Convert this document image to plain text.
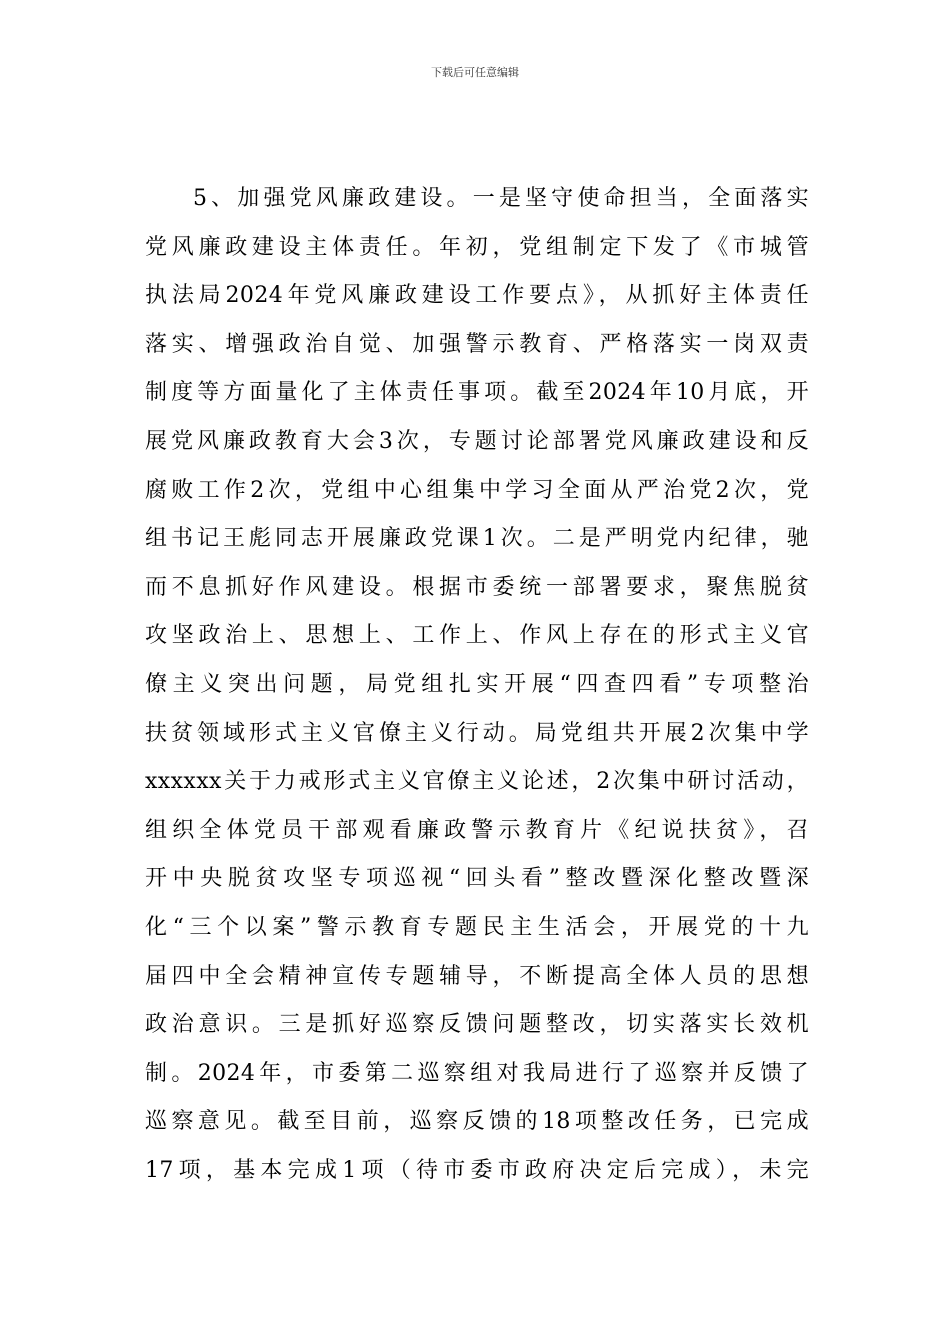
下载后可任意编辑
5、加强党风廉政建设。一是坚守使命担当，全面落实
党风廉政建设主体责任。年初，党组制定下发了《市城管
执法局2024年党风廉政建设工作要点》，从抓好主体责任
落实、增强政治自觉、加强警示教育、严格落实一岗双责
制度等方面量化了主体责任事项。截至2024年10月底，开
展党风廉政教育大会3次，专题讨论部署党风廉政建设和反
腐败工作2次，党组中心组集中学习全面从严治党2次，党
组书记王彪同志开展廉政党课1次。二是严明党内纪律，驰
而不息抓好作风建设。根据市委统一部署要求，聚焦脱贫
攻坚政治上、思想上、工作上、作风上存在的形式主义官
僚主义突出问题，局党组扎实开展“四查四看”专项整治
扶贫领域形式主义官僚主义行动。局党组共开展2次集中学
xxxxxx关于力戒形式主义官僚主义论述，2次集中研讨活动，
组织全体党员干部观看廉政警示教育片《纪说扶贫》，召
开中央脱贫攻坚专项巡视“回头看”整改暨深化整改暨深
化“三个以案”警示教育专题民主生活会，开展党的十九
届四中全会精神宣传专题辅导，不断提高全体人员的思想
政治意识。三是抓好巡察反馈问题整改，切实落实长效机
制。2024年，市委第二巡察组对我局进行了巡察并反馈了
巡察意见。截至目前，巡察反馈的18项整改任务，已完成
17项，基本完成1项（待市委市政府决定后完成），未完
